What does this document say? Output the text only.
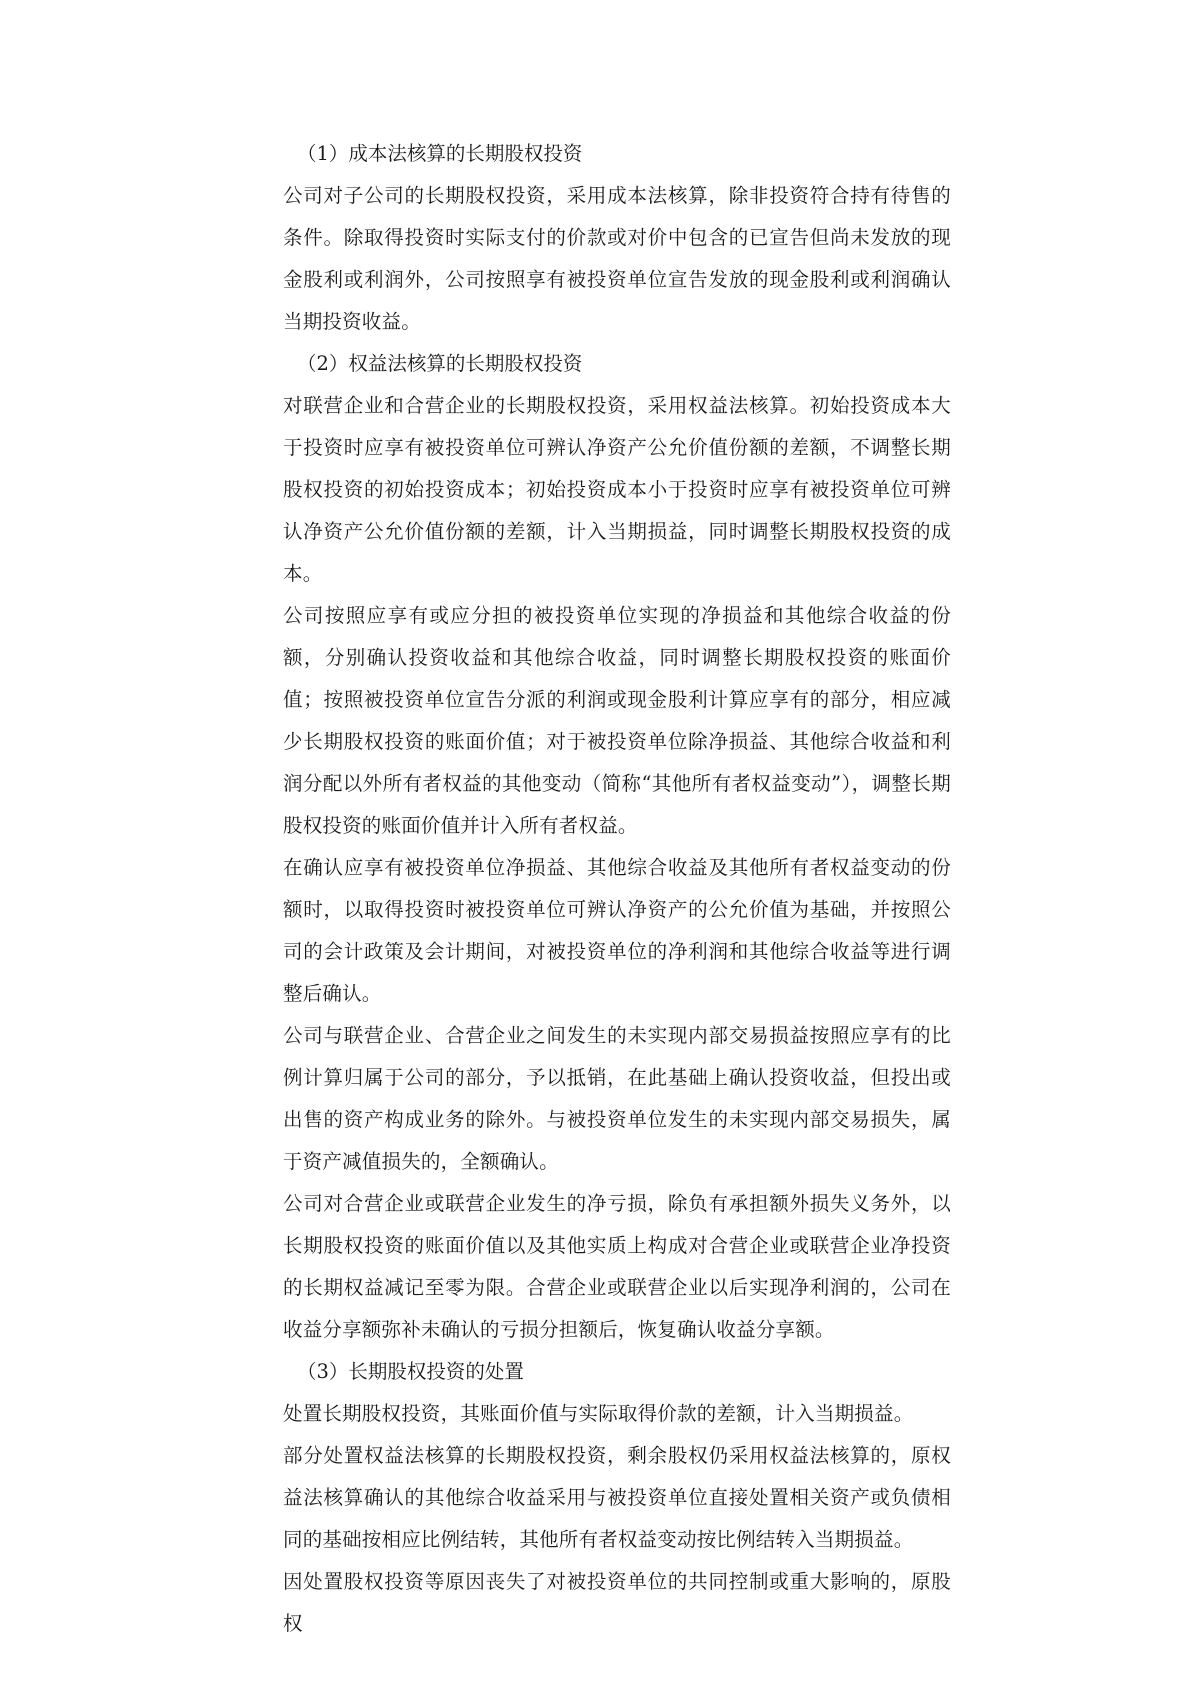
（1）成本法核算的长期股权投资

公司对子公司的长期股权投资，采用成本法核算，除非投资符合持有待售的条件。除取得投资时实际支付的价款或对价中包含的已宣告但尚未发放的现金股利或利润外，公司按照享有被投资单位宣告发放的现金股利或利润确认当期投资收益。

（2）权益法核算的长期股权投资

对联营企业和合营企业的长期股权投资，采用权益法核算。初始投资成本大于投资时应享有被投资单位可辨认净资产公允价值份额的差额，不调整长期股权投资的初始投资成本；初始投资成本小于投资时应享有被投资单位可辨认净资产公允价值份额的差额，计入当期损益，同时调整长期股权投资的成本。

公司按照应享有或应分担的被投资单位实现的净损益和其他综合收益的份额，分别确认投资收益和其他综合收益，同时调整长期股权投资的账面价值；按照被投资单位宣告分派的利润或现金股利计算应享有的部分，相应减少长期股权投资的账面价值；对于被投资单位除净损益、其他综合收益和利润分配以外所有者权益的其他变动（简称“其他所有者权益变动”），调整长期股权投资的账面价值并计入所有者权益。

在确认应享有被投资单位净损益、其他综合收益及其他所有者权益变动的份额时，以取得投资时被投资单位可辨认净资产的公允价值为基础，并按照公司的会计政策及会计期间，对被投资单位的净利润和其他综合收益等进行调整后确认。

公司与联营企业、合营企业之间发生的未实现内部交易损益按照应享有的比例计算归属于公司的部分，予以抵销，在此基础上确认投资收益，但投出或出售的资产构成业务的除外。与被投资单位发生的未实现内部交易损失，属于资产减值损失的，全额确认。

公司对合营企业或联营企业发生的净亏损，除负有承担额外损失义务外，以长期股权投资的账面价值以及其他实质上构成对合营企业或联营企业净投资的长期权益减记至零为限。合营企业或联营企业以后实现净利润的，公司在收益分享额弥补未确认的亏损分担额后，恢复确认收益分享额。

（3）长期股权投资的处置

处置长期股权投资，其账面价值与实际取得价款的差额，计入当期损益。

部分处置权益法核算的长期股权投资，剩余股权仍采用权益法核算的，原权益法核算确认的其他综合收益采用与被投资单位直接处置相关资产或负债相同的基础按相应比例结转，其他所有者权益变动按比例结转入当期损益。

因处置股权投资等原因丧失了对被投资单位的共同控制或重大影响的，原股权
